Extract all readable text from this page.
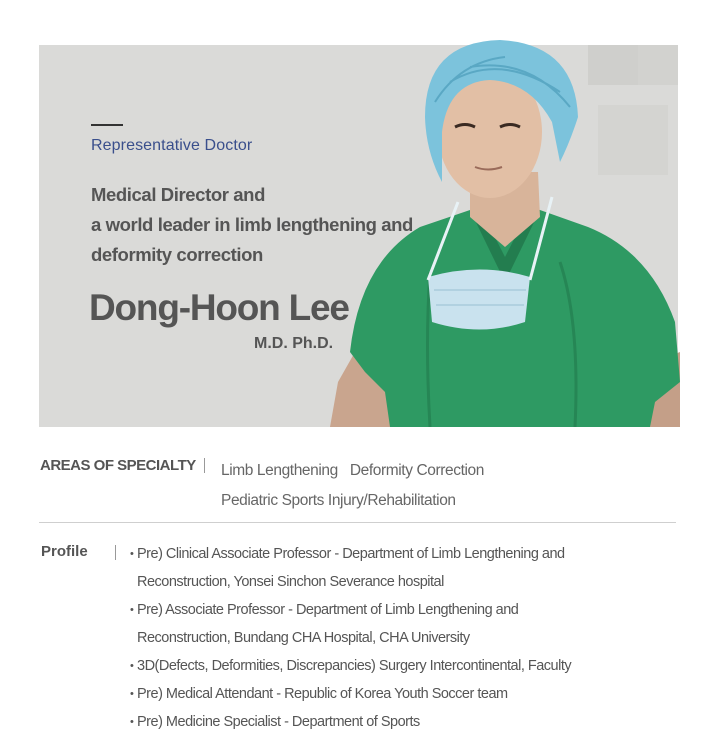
Representative Doctor
Medical Director and
a world leader in limb lengthening and
deformity correction
Dong-Hoon Lee
M.D. Ph.D.
AREAS OF SPECIALTY Limb Lengthening Deformity Correction
Pediatric Sports Injury/Rehabilitation
Profile
•	Pre) Clinical Associate Professor - Department of Limb Lengthening and
Reconstruction, Yonsei Sinchon Severance hospital
• Pre) Associate Professor - Department of Limb Lengthening and
Reconstruction, Bundang CHA Hospital, CHA University
• 3D(Defects, Deformities, Discrepancies) Surgery Intercontinental, Faculty
• Pre) Medical Attendant - Republic of Korea Youth Soccer team
• Pre) Medicine Specialist - Department of Sports
